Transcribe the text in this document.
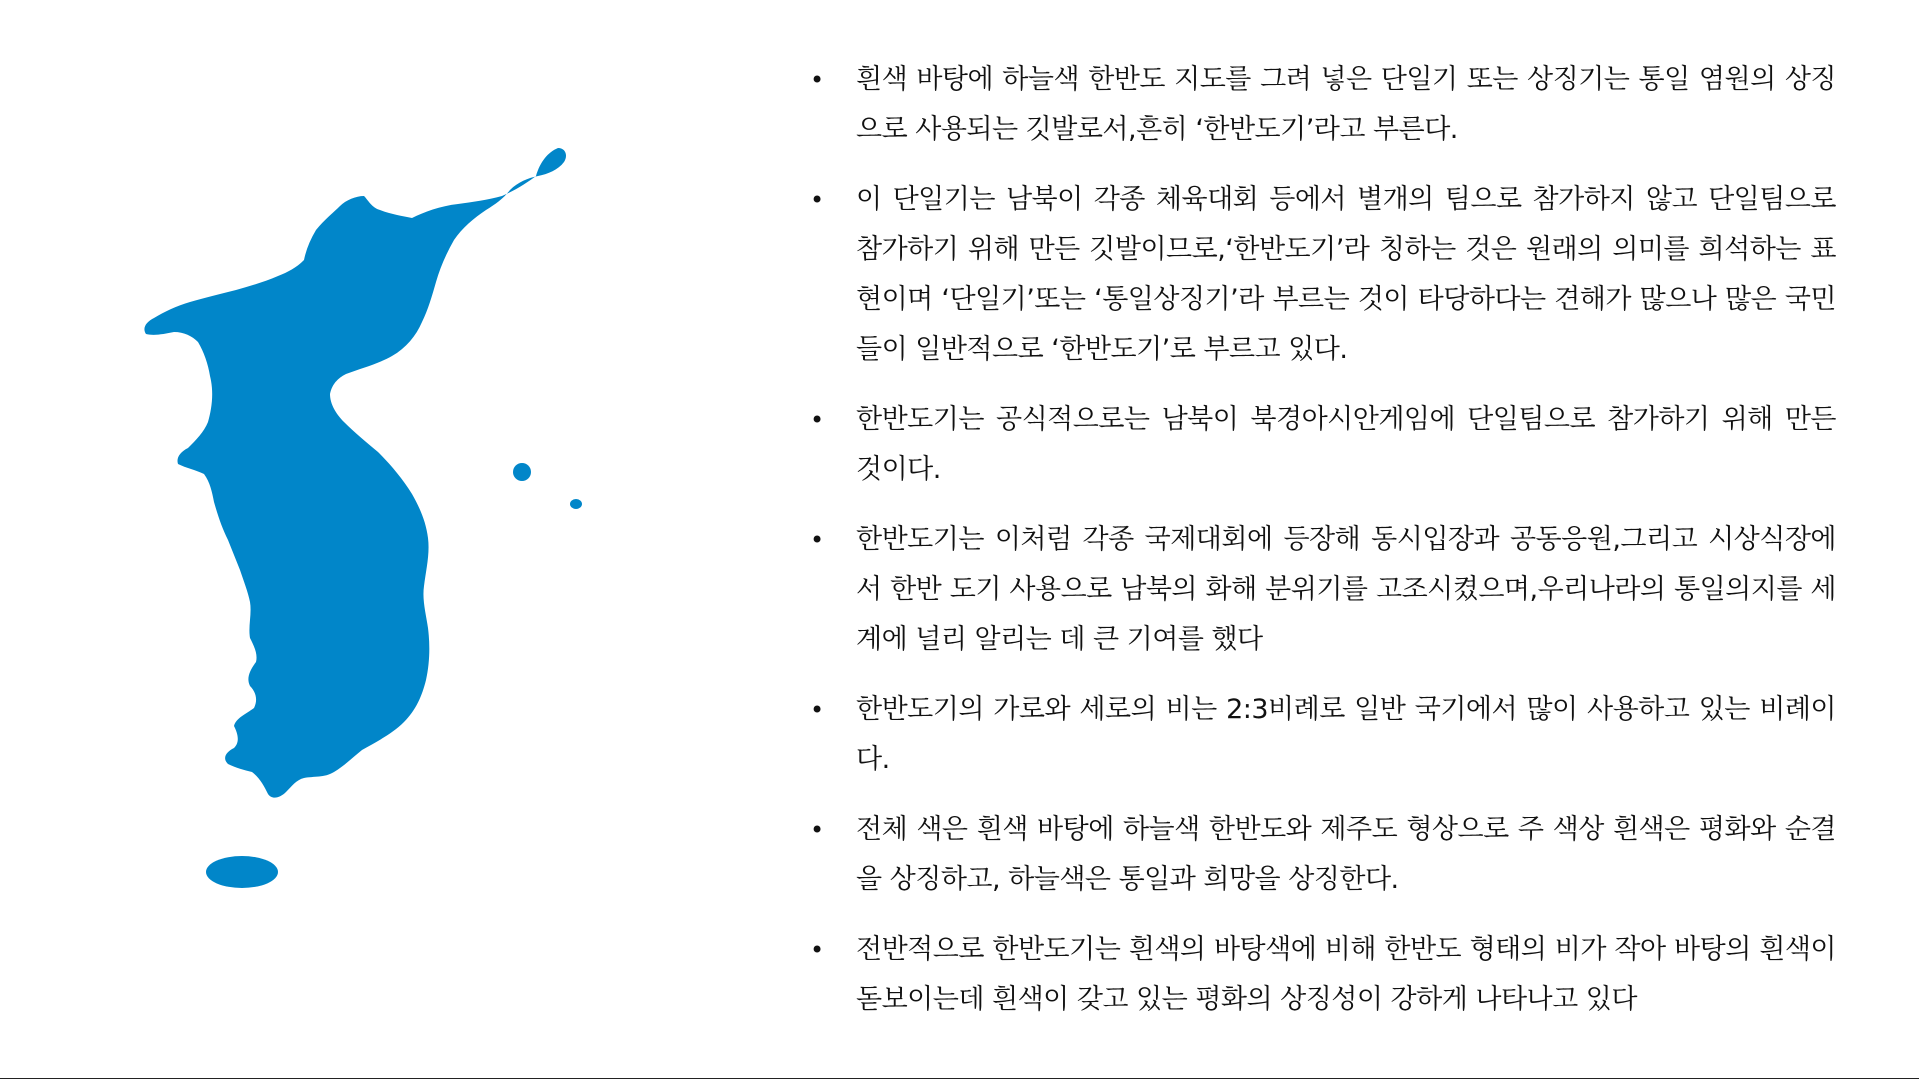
• 흰색 바탕에 하늘색 한반도 지도를 그려 넣은 단일기 또는 상징기는 통일 염원의 상징으로 사용되는 깃발로서,흔히 ‘한반도기’라고 부른다.
• 이 단일기는 남북이 각종 체육대회 등에서 별개의 팀으로 참가하지 않고 단일팀으로 참가하기 위해 만든 깃발이므로,‘한반도기’라 칭하는 것은 원래의 의미를 희석하는 표현이며 ‘단일기’또는 ‘통일상징기’라 부르는 것이 타당하다는 견해가 많으나 많은 국민들이 일반적으로 ‘한반도기’로 부르고 있다.
• 한반도기는 공식적으로는 남북이 북경아시안게임에 단일팀으로 참가하기 위해 만든 것이다.
• 한반도기는 이처럼 각종 국제대회에 등장해 동시입장과 공동응원,그리고 시상식장에서 한반 도기 사용으로 남북의 화해 분위기를 고조시켰으며,우리나라의 통일의지를 세계에 널리 알리는 데 큰 기여를 했다
• 한반도기의 가로와 세로의 비는 2:3비례로 일반 국기에서 많이 사용하고 있는 비례이다.
• 전체 색은 흰색 바탕에 하늘색 한반도와 제주도 형상으로 주 색상 흰색은 평화와 순결을 상징하고, 하늘색은 통일과 희망을 상징한다.
• 전반적으로 한반도기는 흰색의 바탕색에 비해 한반도 형태의 비가 작아 바탕의 흰색이 돋보이는데 흰색이 갖고 있는 평화의 상징성이 강하게 나타나고 있다
